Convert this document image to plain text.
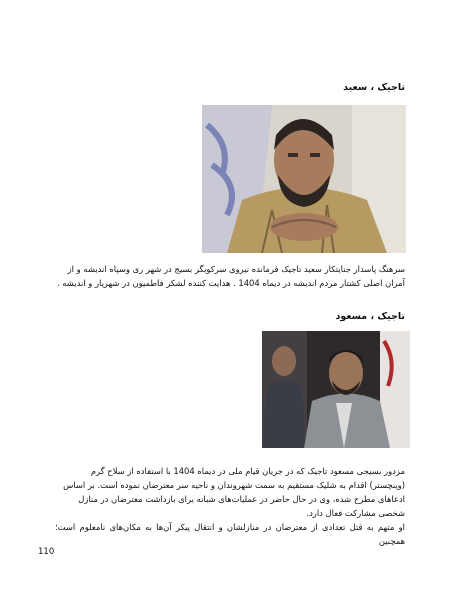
تاجیک ، سعید

سرهنگ پاسدار جنایتکار سعید تاجیک فرمانده نیروی سرکوبگر بسیج در شهر ری وسپاه اندیشه و از

آمران اصلی کشتار مردم اندیشه در دیماه 1404 . هدایت کننده لشکر فاطمیون در شهریار و اندیشه .

تاجیک ، مسعود

مزدور بسیجی مسعود تاجیک که در جریان قیام ملی در دیماه 1404 با استفاده از سلاح گرم

(وینچستر) اقدام به شلیک مستقیم به سمت شهروندان و ناحیه سر معترضان نموده است. بر اساس

ادعاهای مطرح شده، وی در حال حاضر در عملیات‌های شبانه برای بازداشت معترضان در منازل

شخصی مشارکت فعال دارد.

او متهم به قتل تعدادی از معترضان در منازلشان و انتقال پیکر آن‌ها به مکان‌های نامعلوم است؛ همچنین

110
